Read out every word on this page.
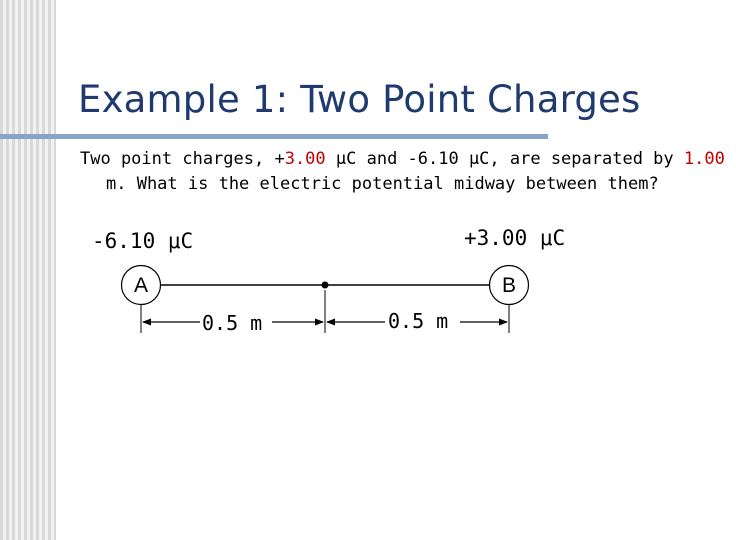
Example 1: Two Point Charges
Two point charges, +3.00 μC and -6.10 μC, are separated by 1.00 m. What is the electric potential midway between them?
-6.10 μC	+3.00 μC
A	B
0.5 m	0.5 m
